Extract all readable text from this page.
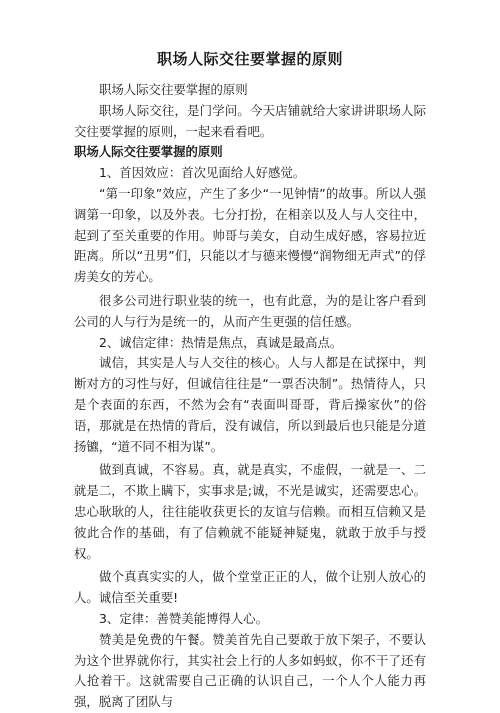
职场人际交往要掌握的原则

职场人际交往要掌握的原则

职场人际交往，是门学问。今天店铺就给大家讲讲职场人际交往要掌握的原则，一起来看看吧。

职场人际交往要掌握的原则

1、首因效应：首次见面给人好感觉。

“第一印象”效应，产生了多少“一见钟情”的故事。所以人强调第一印象，以及外表。七分打扮，在相亲以及人与人交往中，起到了至关重要的作用。帅哥与美女，自动生成好感，容易拉近距离。所以“丑男”们，只能以才与德来慢慢“润物细无声式”的俘虏美女的芳心。

很多公司进行职业装的统一，也有此意，为的是让客户看到公司的人与行为是统一的，从而产生更强的信任感。

2、诚信定律：热情是焦点，真诚是最高点。

诚信，其实是人与人交往的核心。人与人都是在试探中，判断对方的习性与好，但诚信往往是“一票否决制”。热情待人，只是个表面的东西，不然为会有“表面叫哥哥，背后操家伙”的俗语，那就是在热情的背后，没有诚信，所以到最后也只能是分道扬镳，“道不同不相为谋”。

做到真诚，不容易。真，就是真实，不虚假，一就是一、二就是二，不欺上瞒下，实事求是;诚，不光是诚实，还需要忠心。忠心耿耿的人，往往能收获更长的友谊与信赖。而相互信赖又是彼此合作的基础，有了信赖就不能疑神疑鬼，就敢于放手与授权。

做个真真实实的人，做个堂堂正正的人，做个让别人放心的人。诚信至关重要!

3、定律：善赞美能博得人心。

赞美是免费的午餐。赞美首先自己要敢于放下架子，不要认为这个世界就你行，其实社会上行的人多如蚂蚁，你不干了还有人抢着干。这就需要自己正确的认识自己，一个人个人能力再强，脱离了团队与
